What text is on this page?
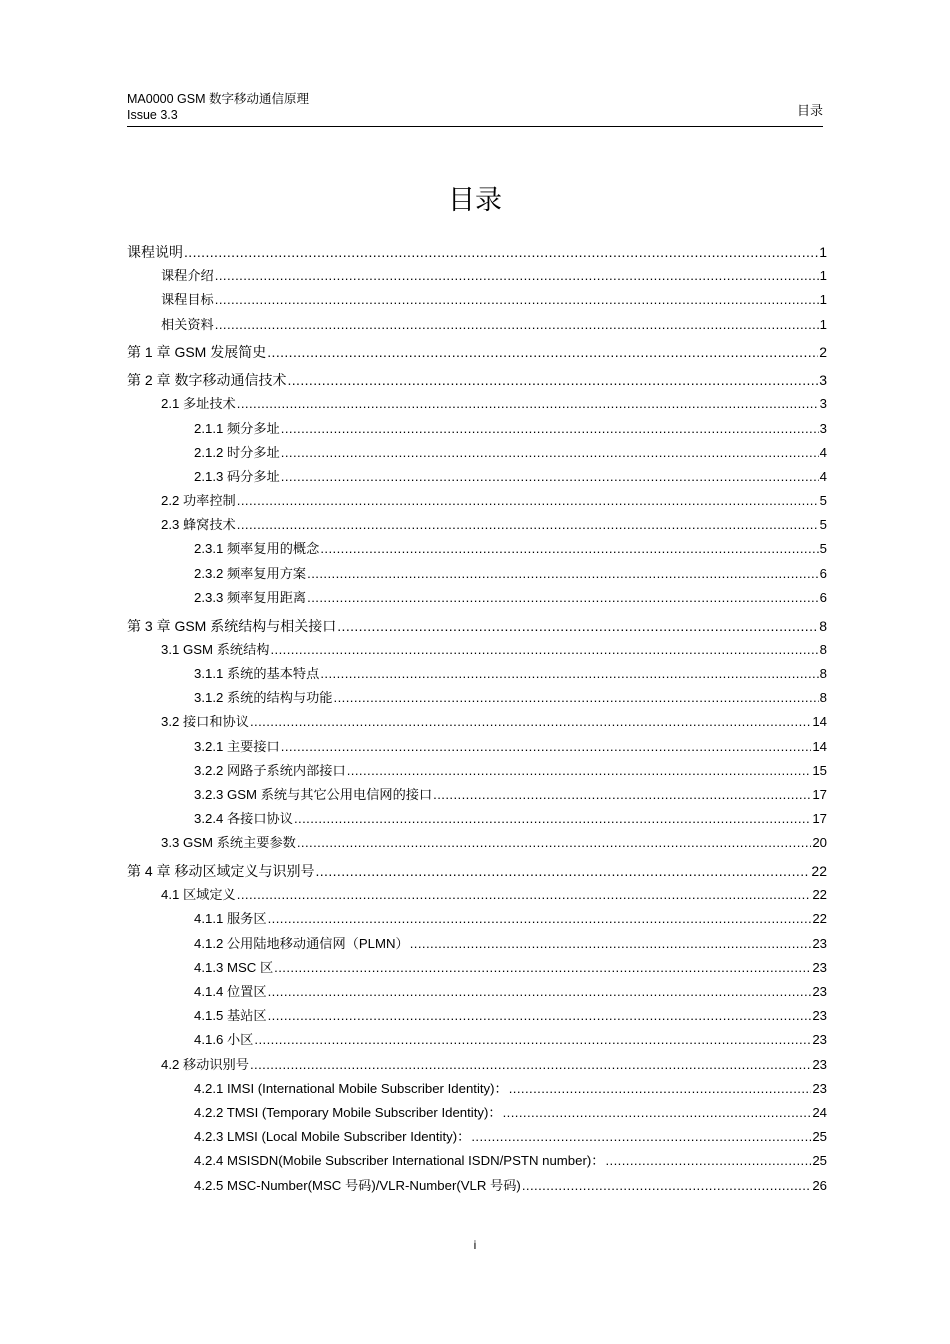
MA0000 GSM 数字移动通信原理
Issue 3.3	目录
目录
课程说明 .....	1
课程介绍 .....	1
课程目标 .....	1
相关资料 .....	1
第 1 章 GSM 发展简史 .....	2
第 2 章 数字移动通信技术 .....	3
2.1 多址技术 .....	3
2.1.1 频分多址 .....	3
2.1.2 时分多址 .....	4
2.1.3 码分多址 .....	4
2.2 功率控制 .....	5
2.3 蜂窝技术 .....	5
2.3.1 频率复用的概念 .....	5
2.3.2 频率复用方案 .....	6
2.3.3 频率复用距离 .....	6
第 3 章 GSM 系统结构与相关接口 .....	8
3.1 GSM 系统结构 .....	8
3.1.1 系统的基本特点 .....	8
3.1.2 系统的结构与功能 .....	8
3.2 接口和协议 .....	14
3.2.1 主要接口 .....	14
3.2.2 网路子系统内部接口 .....	15
3.2.3 GSM 系统与其它公用电信网的接口 .....	17
3.2.4 各接口协议 .....	17
3.3 GSM 系统主要参数 .....	20
第 4 章 移动区域定义与识别号 .....	22
4.1 区域定义 .....	22
4.1.1 服务区 .....	22
4.1.2 公用陆地移动通信网（PLMN） .....	23
4.1.3 MSC 区 .....	23
4.1.4 位置区 .....	23
4.1.5 基站区 .....	23
4.1.6 小区 .....	23
4.2 移动识别号 .....	23
4.2.1 IMSI (International Mobile Subscriber Identity)： .....	23
4.2.2 TMSI (Temporary Mobile Subscriber Identity)： .....	24
4.2.3 LMSI (Local Mobile Subscriber Identity)： .....	25
4.2.4 MSISDN(Mobile Subscriber International ISDN/PSTN number)： .....	25
4.2.5 MSC-Number(MSC 号码)/VLR-Number(VLR 号码) .....	26
i
